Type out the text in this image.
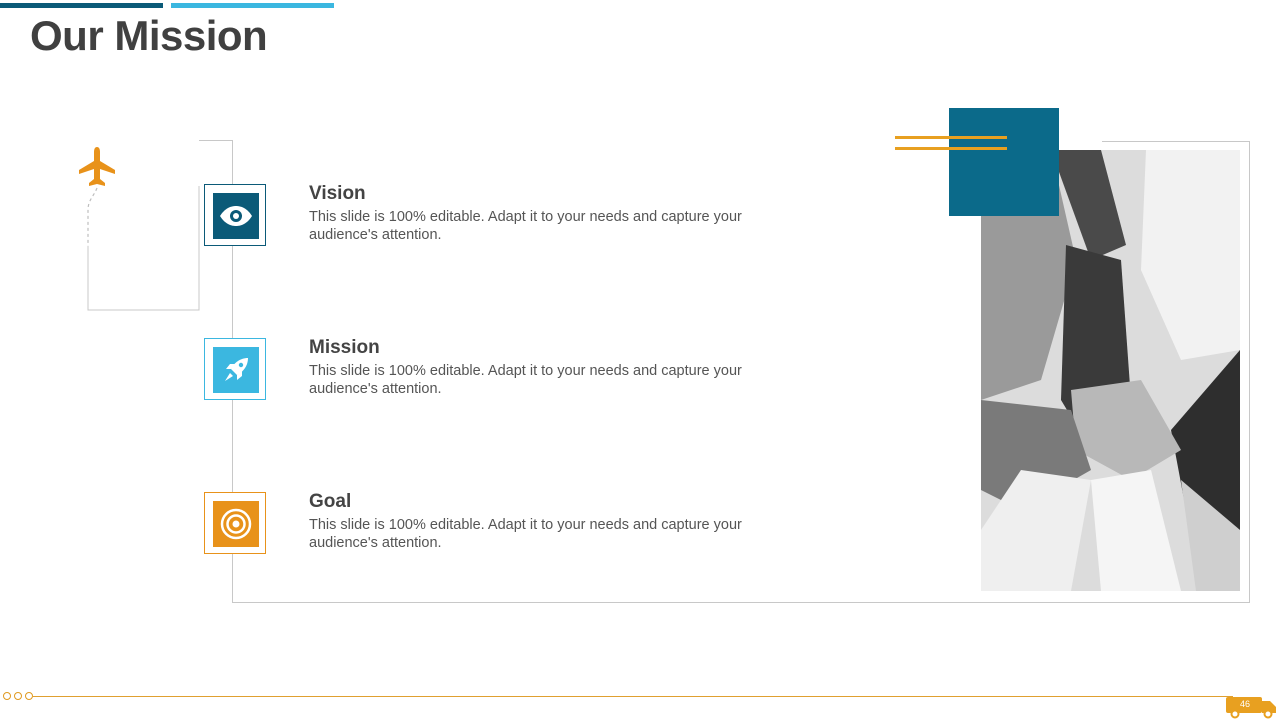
Our Mission

Vision

This slide is 100% editable. Adapt it to your needs and capture your audience's attention.

Mission

This slide is 100% editable. Adapt it to your needs and capture your audience's attention.

Goal

This slide is 100% editable. Adapt it to your needs and capture your audience's attention.

46
